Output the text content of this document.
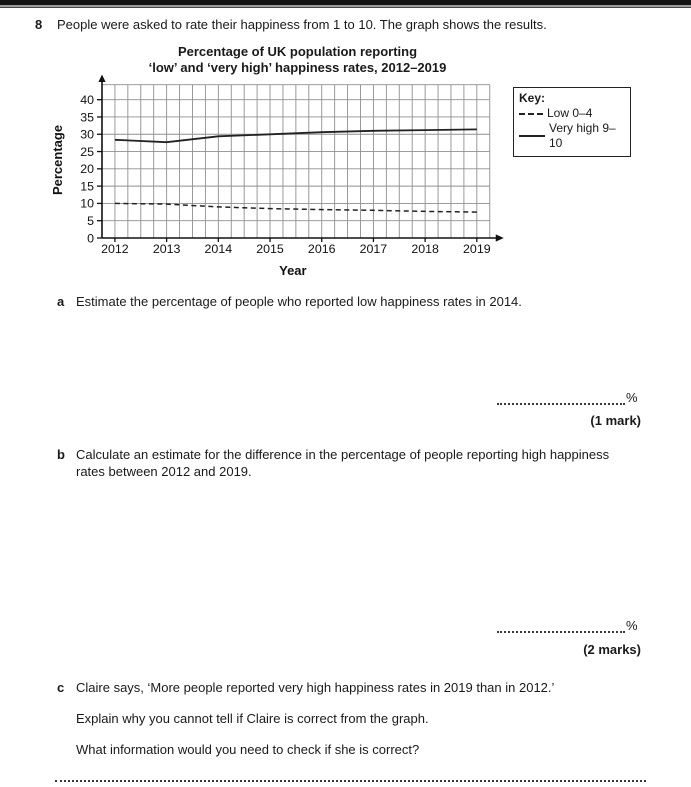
8	People were asked to rate their happiness from 1 to 10. The graph shows the results.
Percentage of UK population reporting
‘low’ and ‘very high’ happiness rates, 2012–2019
0
5
10
15
20
25
30
35
40
2012 2013 2014 2015 2016 2017 2018 2019
Year
Percentage
Key:
Low 0–4
Very high 9–10
a Estimate the percentage of people who reported low happiness rates in 2014.
%
(1 mark)
b Calculate an estimate for the difference in the percentage of people reporting high happiness
rates between 2012 and 2019.
%
(2 marks)
c Claire says, ‘More people reported very high happiness rates in 2019 than in 2012.’
Explain why you cannot tell if Claire is correct from the graph.
What information would you need to check if she is correct?
